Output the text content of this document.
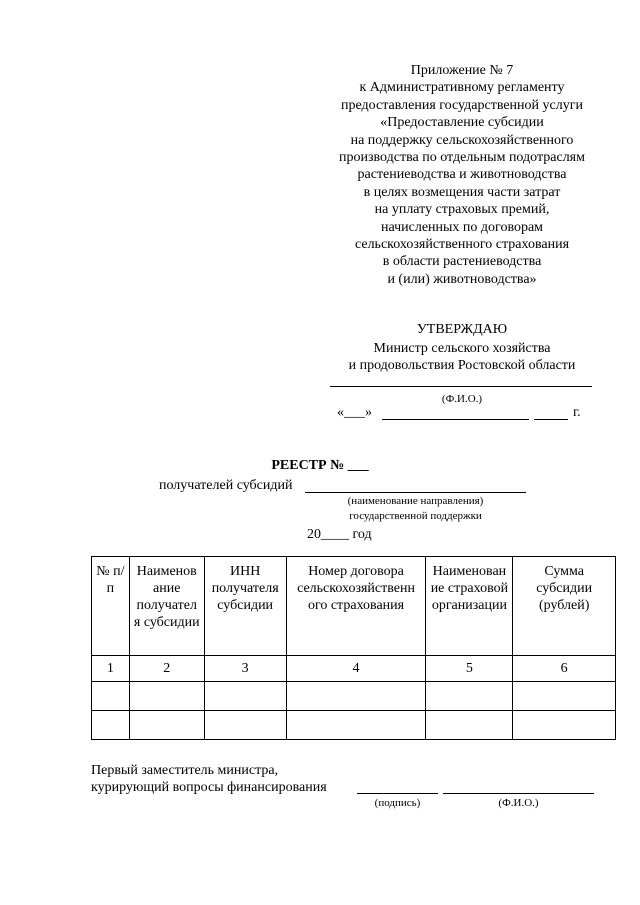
Приложение № 7
к Административному регламенту
предоставления государственной услуги
«Предоставление субсидии
на поддержку сельскохозяйственного
производства по отдельным подотраслям
растениеводства и животноводства
в целях возмещения части затрат
на уплату страховых премий,
начисленных по договорам
сельскохозяйственного страхования
в области растениеводства
и (или) животноводства»
УТВЕРЖДАЮ
Министр сельского хозяйства
и продовольствия Ростовской области
(Ф.И.О.)
«___»	г.
РЕЕСТР № ___
получателей субсидий
(наименование направления)
государственной поддержки
20____ год
№ п/п	Наименов ание получател я субсидии	ИНН получателя субсидии	Номер договора сельскохозяйственн ого страхования	Наименован ие страховой организации	Сумма субсидии (рублей)
1	2	3	4	5	6

Первый заместитель министра,
курирующий вопросы финансирования
(подпись)	(Ф.И.О.)
